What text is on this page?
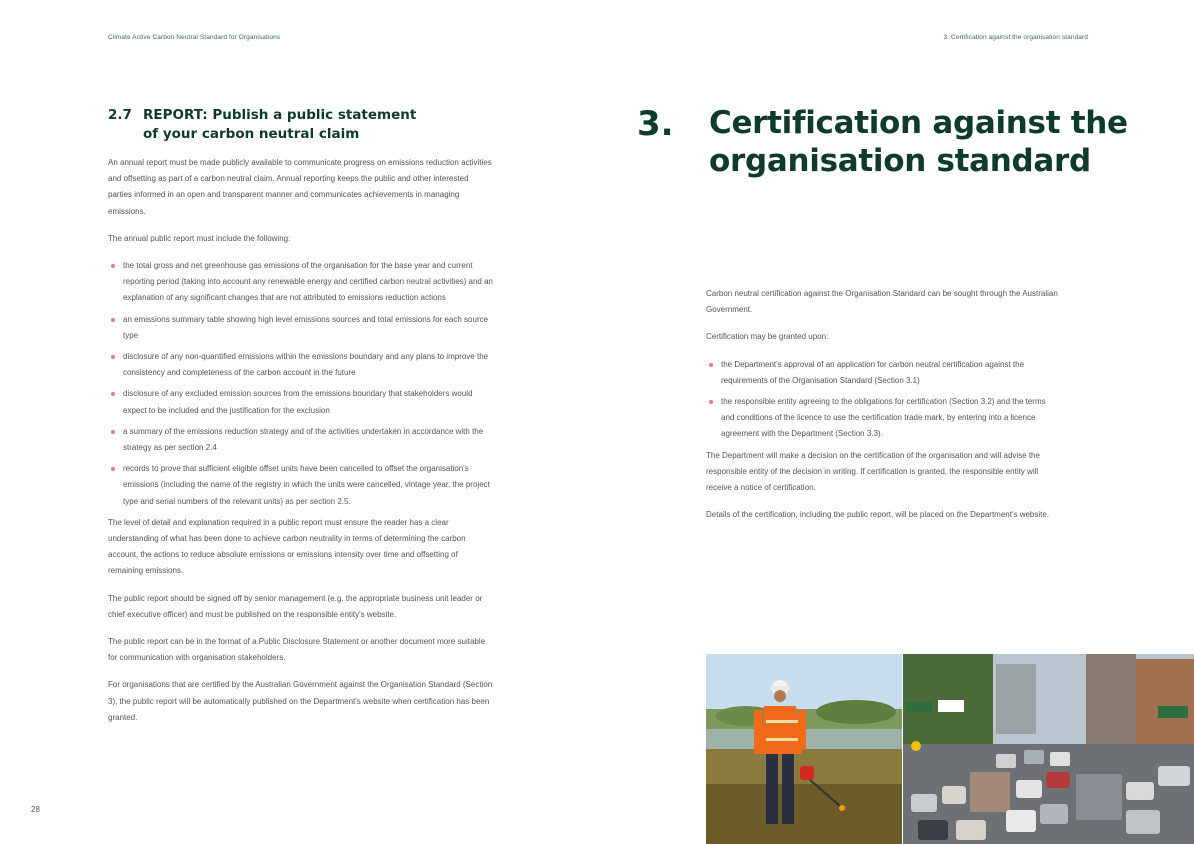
Climate Active Carbon Neutral Standard for Organisations
2.7 REPORT: Publish a public statement
of your carbon neutral claim

An annual report must be made publicly available to communicate progress on emissions reduction activities and offsetting as part of a carbon neutral claim. Annual reporting keeps the public and other interested parties informed in an open and transparent manner and communicates achievements in managing emissions.

The annual public report must include the following:

the total gross and net greenhouse gas emissions of the organisation for the base year and current reporting period (taking into account any renewable energy and certified carbon neutral activities) and an explanation of any significant changes that are not attributed to emissions reduction actions
an emissions summary table showing high level emissions sources and total emissions for each source type
disclosure of any non-quantified emissions within the emissions boundary and any plans to improve the consistency and completeness of the carbon account in the future
disclosure of any excluded emission sources from the emissions boundary that stakeholders would expect to be included and the justification for the exclusion
a summary of the emissions reduction strategy and of the activities undertaken in accordance with the strategy as per section 2.4
records to prove that sufficient eligible offset units have been cancelled to offset the organisation's emissions (including the name of the registry in which the units were cancelled, vintage year, the project type and serial numbers of the relevant units) as per section 2.5.

The level of detail and explanation required in a public report must ensure the reader has a clear understanding of what has been done to achieve carbon neutrality in terms of determining the carbon account, the actions to reduce absolute emissions or emissions intensity over time and offsetting of remaining emissions.

The public report should be signed off by senior management (e.g. the appropriate business unit leader or chief executive officer) and must be published on the responsible entity's website.

The public report can be in the format of a Public Disclosure Statement or another document more suitable for communication with organisation stakeholders.

For organisations that are certified by the Australian Government against the Organisation Standard (Section 3), the public report will be automatically published on the Department's website when certification has been granted.

28
3. Certification against the organisation standard
3. Certification against the
organisation standard

Carbon neutral certification against the Organisation Standard can be sought through the Australian Government.

Certification may be granted upon:

the Department's approval of an application for carbon neutral certification against the requirements of the Organisation Standard (Section 3.1)
the responsible entity agreeing to the obligations for certification (Section 3.2) and the terms and conditions of the licence to use the certification trade mark, by entering into a licence agreement with the Department (Section 3.3).

The Department will make a decision on the certification of the organisation and will advise the responsible entity of the decision in writing. If certification is granted, the responsible entity will receive a notice of certification.

Details of the certification, including the public report, will be placed on the Department's website.
